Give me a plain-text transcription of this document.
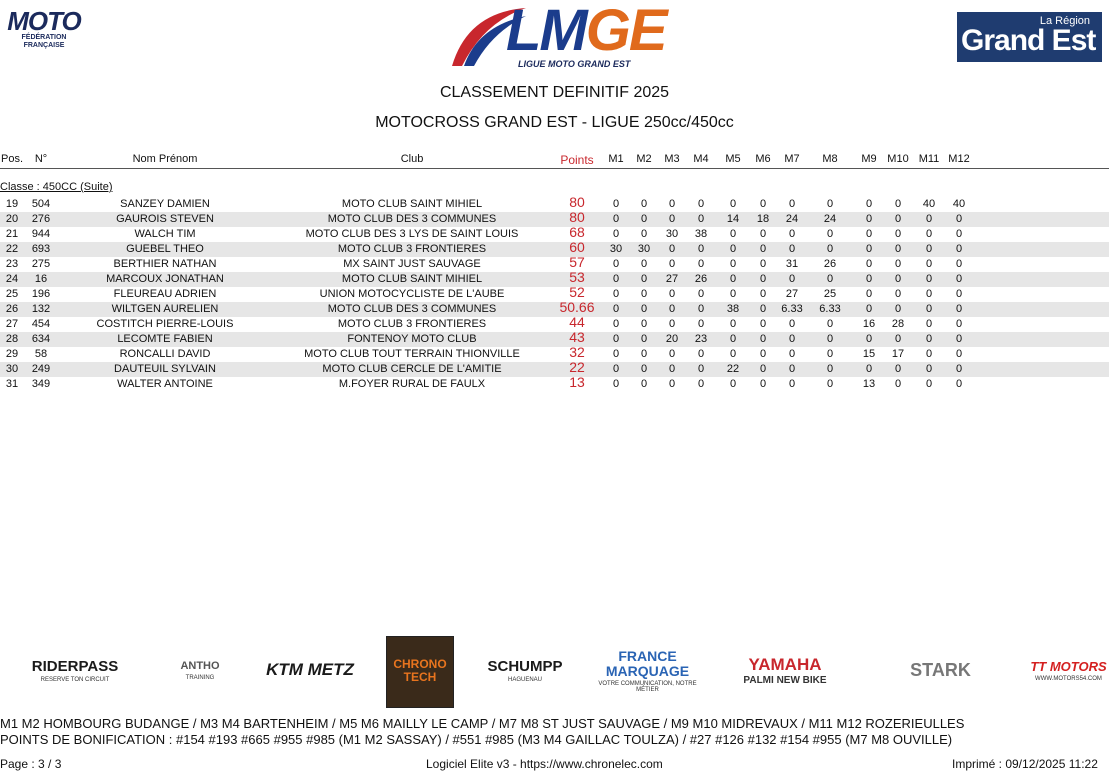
MOTO
FÉDÉRATION
FRANÇAISE	LMGE
LIGUE MOTO GRAND EST
La Région
Grand Est
CLASSEMENT DEFINITIF 2025
MOTOCROSS GRAND EST - LIGUE 250cc/450cc
Pos.	N°	Nom Prénom	Club	Points	M1	M2	M3	M4	M5	M6	M7	M8	M9 M10 M11 M12
Classe : 450CC (Suite)
19	504	SANZEY DAMIEN	MOTO CLUB SAINT MIHIEL	80	0	0	0	0	0	0	0	0	0	0	40	40
20	276	GAUROIS STEVEN	MOTO CLUB DES 3 COMMUNES	80	0	0	0	0	14	18	24	24	0	0	0	0
21	944	WALCH TIM	MOTO CLUB DES 3 LYS DE SAINT LOUIS	68	0	0	30	38	0	0	0	0	0	0	0	0
22	693	GUEBEL THEO	MOTO CLUB 3 FRONTIERES	60	30	30	0	0	0	0	0	0	0	0	0	0
23	275	BERTHIER NATHAN	MX SAINT JUST SAUVAGE	57	0	0	0	0	0	0	31	26	0	0	0	0
24	16	MARCOUX JONATHAN	MOTO CLUB SAINT MIHIEL	53	0	0	27	26	0	0	0	0	0	0	0	0
25	196	FLEUREAU ADRIEN	UNION MOTOCYCLISTE DE L'AUBE	52	0	0	0	0	0	0	27	25	0	0	0	0
26	132	WILTGEN AURELIEN	MOTO CLUB DES 3 COMMUNES	50.66	0	0	0	0	38	0	6.33	6.33	0	0	0	0
27	454	COSTITCH PIERRE-LOUIS	MOTO CLUB 3 FRONTIERES	44	0	0	0	0	0	0	0	0	16	28	0	0
28	634	LECOMTE FABIEN	FONTENOY MOTO CLUB	43	0	0	20	23	0	0	0	0	0	0	0	0
29	58	RONCALLI DAVID	MOTO CLUB TOUT TERRAIN THIONVILLE	32	0	0	0	0	0	0	0	0	15	17	0	0
30	249	DAUTEUIL SYLVAIN	MOTO CLUB CERCLE DE L'AMITIE	22	0	0	0	0	22	0	0	0	0	0	0	0
31	349	WALTER ANTOINE	M.FOYER RURAL DE FAULX	13	0	0	0	0	0	0	0	0	13	0	0	0
RIDERPASS
RESERVE TON CIRCUIT
ANTHO
TRAINING	KTM METZ	CHRONO TECH
SCHUMPP
HAGUENAU
FRANCE MARQUAGE
VOTRE COMMUNICATION, NOTRE MÉTIER
YAMAHA
PALMI NEW BIKE
STARK	TT MOTORS
WWW.MOTORS54.COM
M1 M2 HOMBOURG BUDANGE / M3 M4 BARTENHEIM / M5 M6 MAILLY LE CAMP / M7 M8 ST JUST SAUVAGE / M9 M10 MIDREVAUX / M11 M12 ROZERIEULLES
POINTS DE BONIFICATION : #154 #193 #665 #955 #985 (M1 M2 SASSAY) / #551 #985 (M3 M4 GAILLAC TOULZA) / #27 #126 #132 #154 #955 (M7 M8 OUVILLE)
Page : 3 / 3	Logiciel Elite v3 - https://www.chronelec.com	Imprimé : 09/12/2025 11:22
